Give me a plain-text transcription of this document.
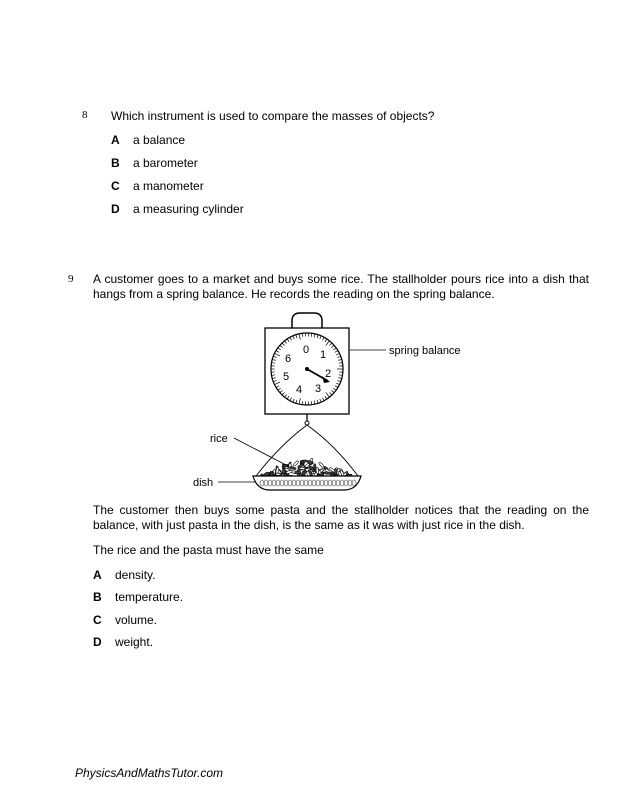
8 Which instrument is used to compare the masses of objects?
A a balance
B a barometer
C a manometer
D a measuring cylinder
9 A customer goes to a market and buys some rice. The stallholder pours rice into a dish that
hangs from a spring balance. He records the reading on the spring balance.
0 1
2
3
4
5
6
spring balance
rice
dish
The customer then buys some pasta and the stallholder notices that the reading on the
balance, with just pasta in the dish, is the same as it was with just rice in the dish.
The rice and the pasta must have the same
A density.
B temperature.
C volume.
D weight.
PhysicsAndMathsTutor.com
